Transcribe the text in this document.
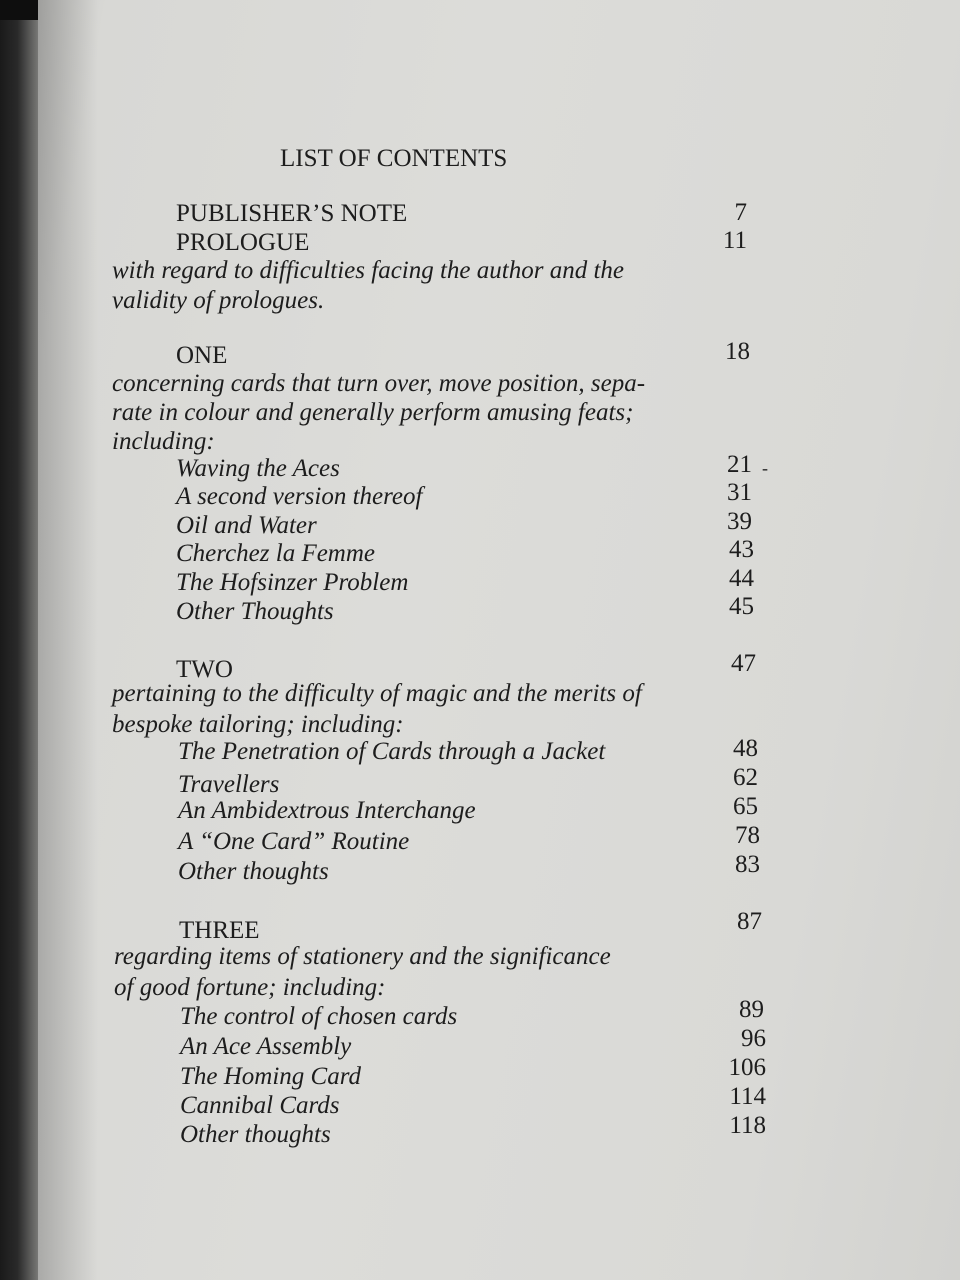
LIST OF CONTENTS
PUBLISHER’S NOTE	7
PROLOGUE	11
with regard to difficulties facing the author and the
validity of prologues.
ONE	18
concerning cards that turn over, move position, sepa-
rate in colour and generally perform amusing feats;
including:
Waving the Aces	21 -
A second version thereof	31
Oil and Water	39
Cherchez la Femme	43
The Hofsinzer Problem	44
Other Thoughts	45
TWO	47
pertaining to the difficulty of magic and the merits of
bespoke tailoring; including:
The Penetration of Cards through a Jacket	48
Travellers	62
An Ambidextrous Interchange	65
A “One Card” Routine	78
Other thoughts	83
THREE	87
regarding items of stationery and the significance
of good fortune; including:
The control of chosen cards	89
An Ace Assembly	96
The Homing Card	106
Cannibal Cards	114
Other thoughts	118
